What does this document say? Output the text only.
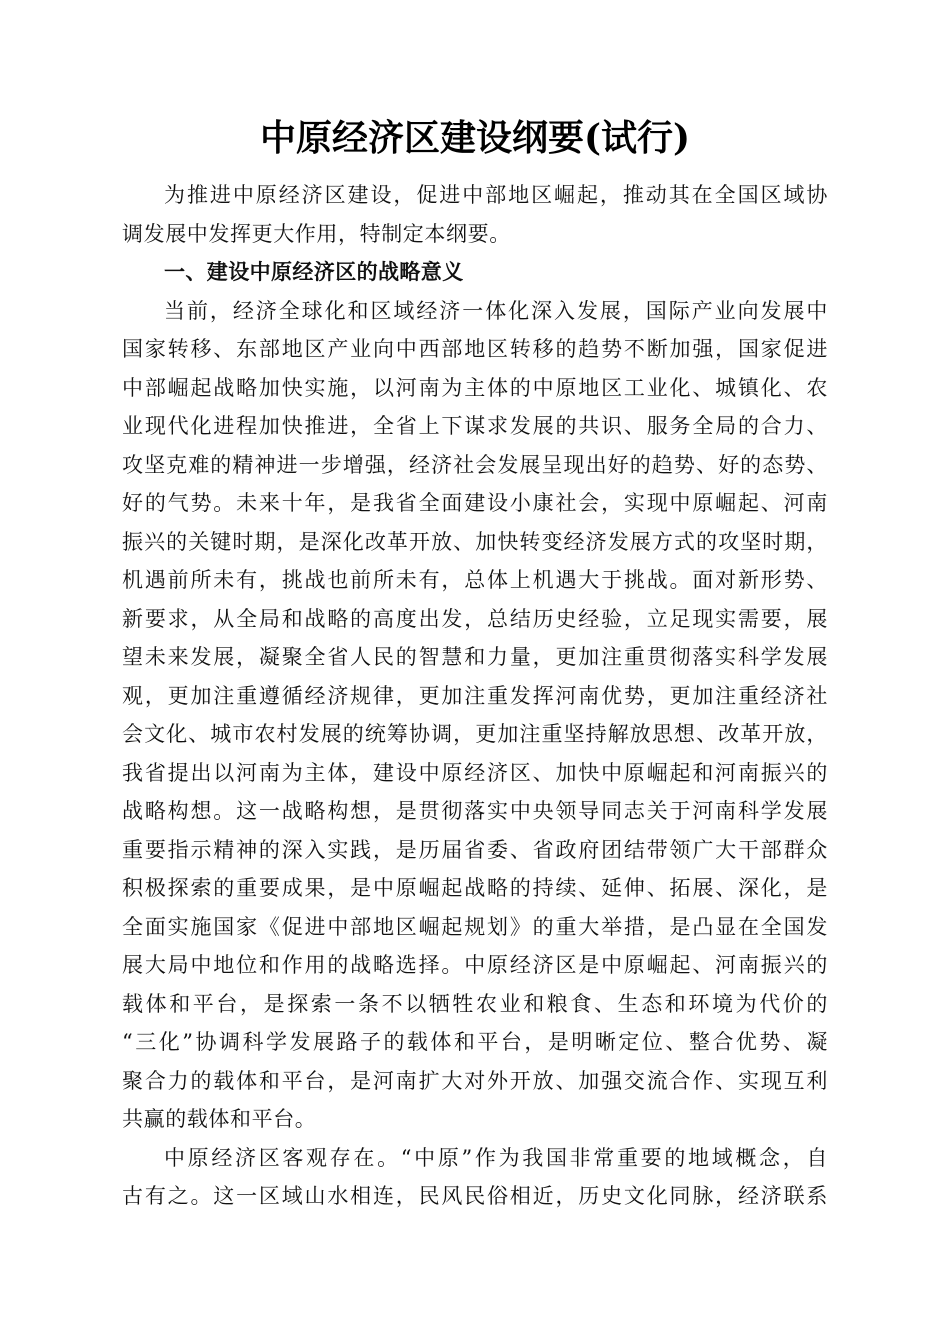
中原经济区建设纲要(试行)
为推进中原经济区建设，促进中部地区崛起，推动其在全国区域协
调发展中发挥更大作用，特制定本纲要。
一、建设中原经济区的战略意义
当前，经济全球化和区域经济一体化深入发展，国际产业向发展中
国家转移、东部地区产业向中西部地区转移的趋势不断加强，国家促进
中部崛起战略加快实施，以河南为主体的中原地区工业化、城镇化、农
业现代化进程加快推进，全省上下谋求发展的共识、服务全局的合力、
攻坚克难的精神进一步增强，经济社会发展呈现出好的趋势、好的态势、
好的气势。未来十年，是我省全面建设小康社会，实现中原崛起、河南
振兴的关键时期，是深化改革开放、加快转变经济发展方式的攻坚时期，
机遇前所未有，挑战也前所未有，总体上机遇大于挑战。面对新形势、
新要求，从全局和战略的高度出发，总结历史经验，立足现实需要，展
望未来发展，凝聚全省人民的智慧和力量，更加注重贯彻落实科学发展
观，更加注重遵循经济规律，更加注重发挥河南优势，更加注重经济社
会文化、城市农村发展的统筹协调，更加注重坚持解放思想、改革开放，
我省提出以河南为主体，建设中原经济区、加快中原崛起和河南振兴的
战略构想。这一战略构想，是贯彻落实中央领导同志关于河南科学发展
重要指示精神的深入实践，是历届省委、省政府团结带领广大干部群众
积极探索的重要成果，是中原崛起战略的持续、延伸、拓展、深化，是
全面实施国家《促进中部地区崛起规划》的重大举措，是凸显在全国发
展大局中地位和作用的战略选择。中原经济区是中原崛起、河南振兴的
载体和平台，是探索一条不以牺牲农业和粮食、生态和环境为代价的
“三化”协调科学发展路子的载体和平台，是明晰定位、整合优势、凝
聚合力的载体和平台，是河南扩大对外开放、加强交流合作、实现互利
共赢的载体和平台。
中原经济区客观存在。“中原”作为我国非常重要的地域概念，自
古有之。这一区域山水相连，民风民俗相近，历史文化同脉，经济联系
